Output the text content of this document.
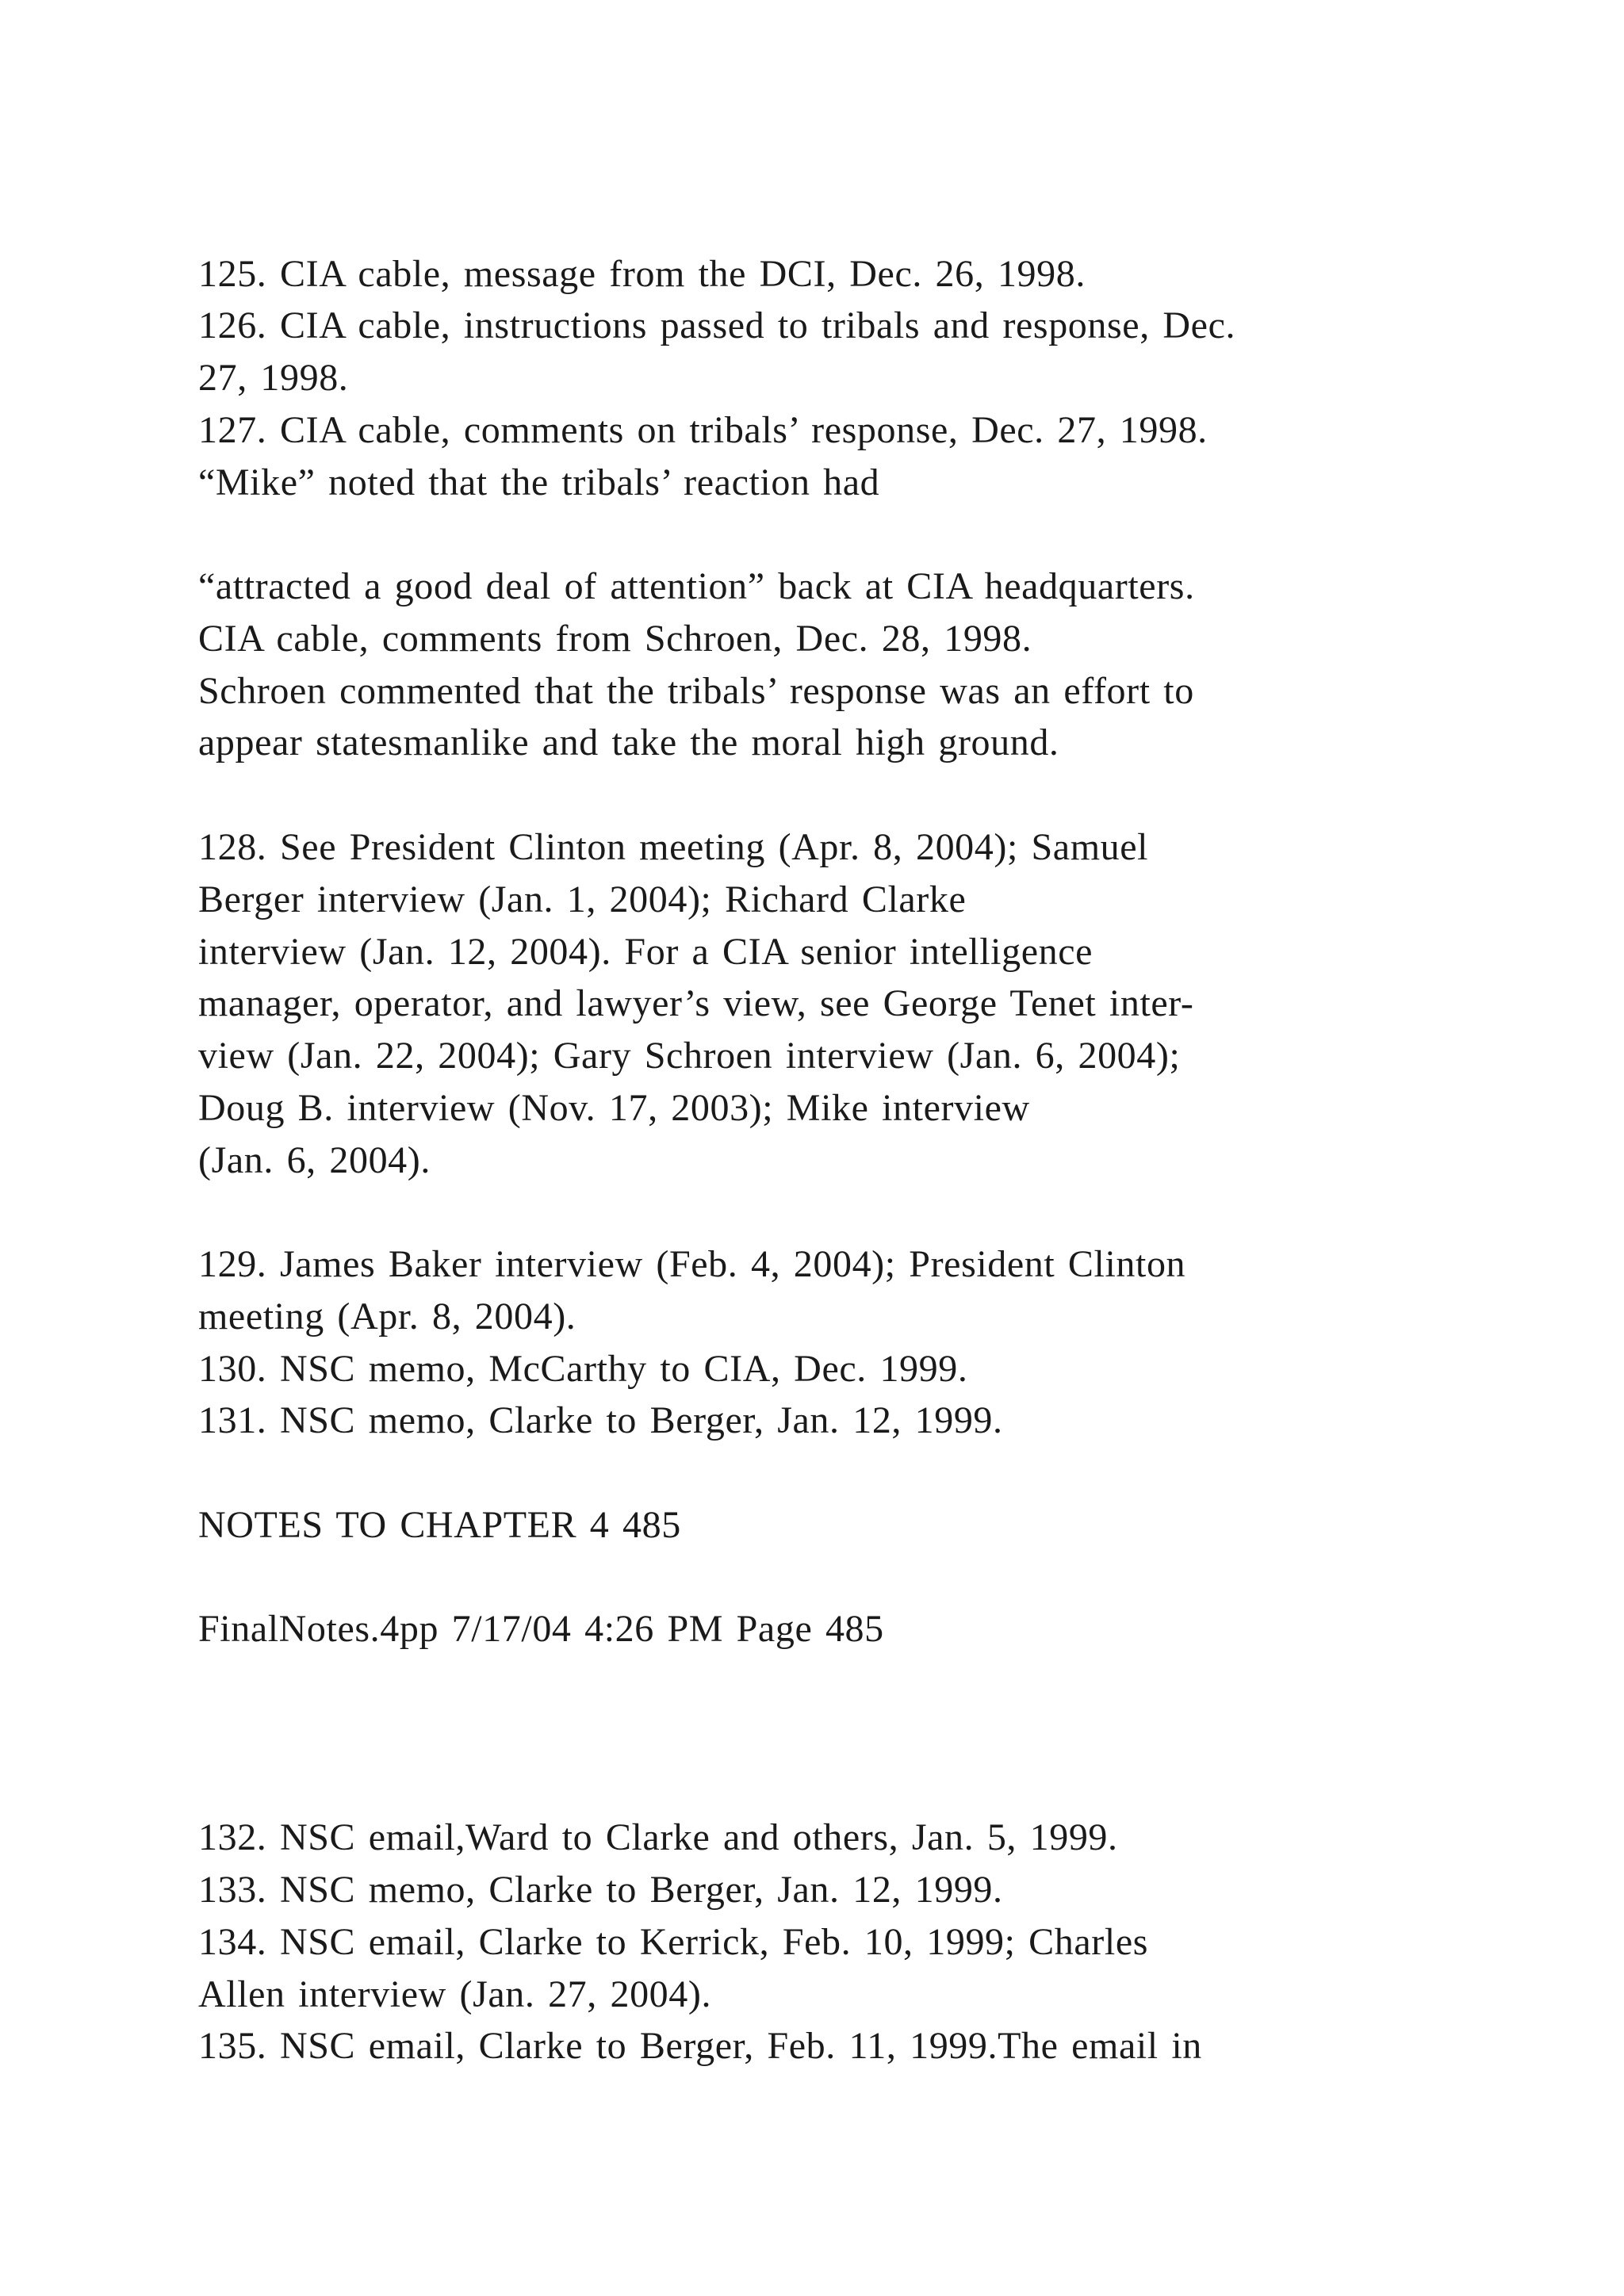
125. CIA cable, message from the DCI, Dec. 26, 1998.
126. CIA cable, instructions passed to tribals and response, Dec.
27, 1998.
127. CIA cable, comments on tribals’ response, Dec. 27, 1998.
“Mike” noted that the tribals’ reaction had
“attracted a good deal of attention” back at CIA headquarters.
CIA cable, comments from Schroen, Dec. 28, 1998.
Schroen commented that the tribals’ response was an effort to
appear statesmanlike and take the moral high ground.
128. See President Clinton meeting (Apr. 8, 2004); Samuel
Berger interview (Jan. 1, 2004); Richard Clarke
interview (Jan. 12, 2004). For a CIA senior intelligence
manager, operator, and lawyer’s view, see George Tenet inter-
view (Jan. 22, 2004); Gary Schroen interview (Jan. 6, 2004);
Doug B. interview (Nov. 17, 2003); Mike interview
(Jan. 6, 2004).
129. James Baker interview (Feb. 4, 2004); President Clinton
meeting (Apr. 8, 2004).
130. NSC memo, McCarthy to CIA, Dec. 1999.
131. NSC memo, Clarke to Berger, Jan. 12, 1999.
NOTES TO CHAPTER 4 485
FinalNotes.4pp 7/17/04 4:26 PM Page 485
132. NSC email,Ward to Clarke and others, Jan. 5, 1999.
133. NSC memo, Clarke to Berger, Jan. 12, 1999.
134. NSC email, Clarke to Kerrick, Feb. 10, 1999; Charles
Allen interview (Jan. 27, 2004).
135. NSC email, Clarke to Berger, Feb. 11, 1999.The email in
